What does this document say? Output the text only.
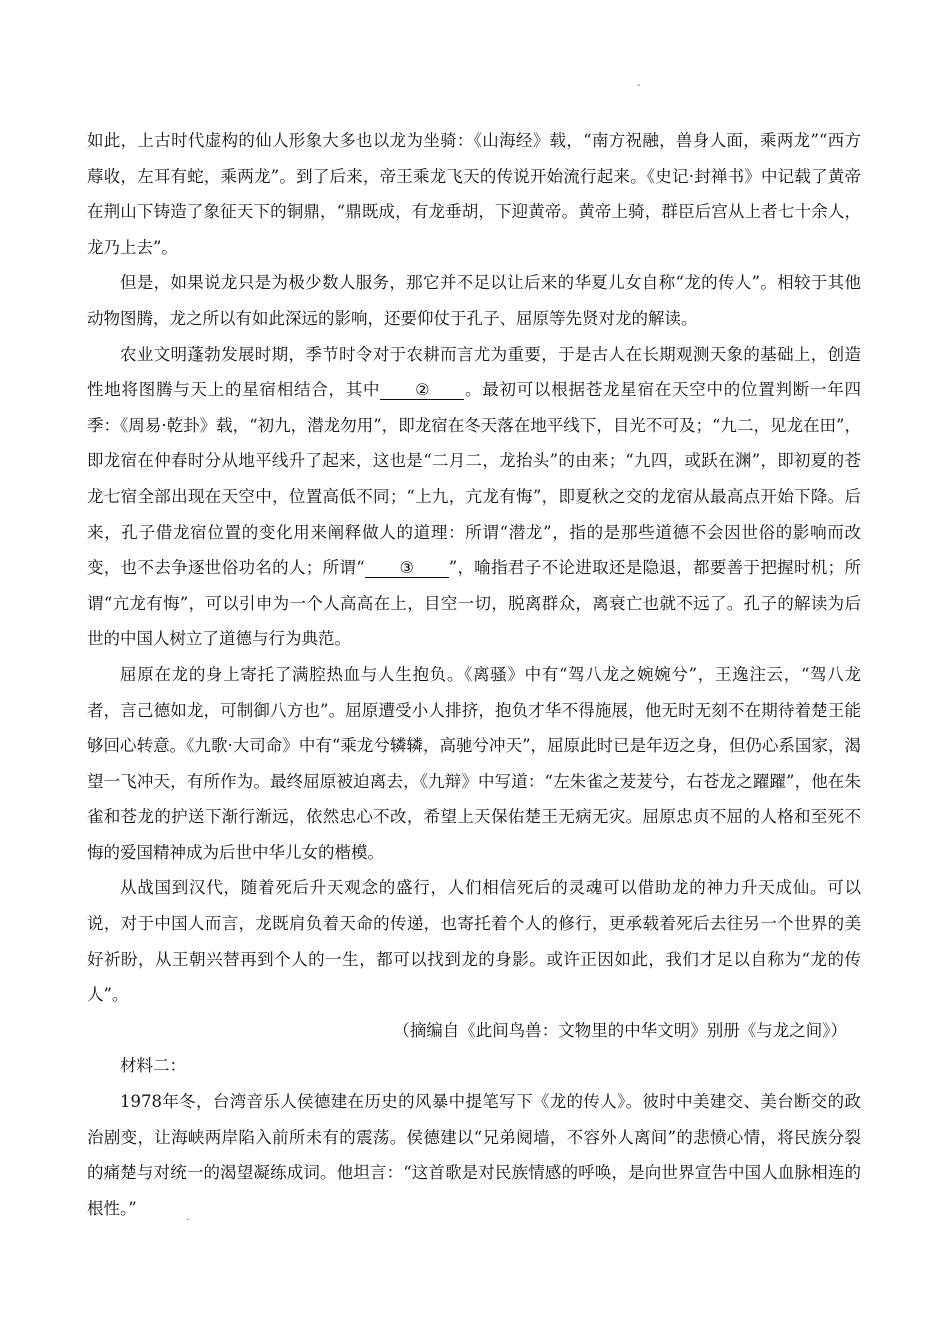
-

如此，上古时代虚构的仙人形象大多也以龙为坐骑：《山海经》载，“南方祝融，兽身人面，乘两龙”“西方蓐收，左耳有蛇，乘两龙”。到了后来，帝王乘龙飞天的传说开始流行起来。《史记·封禅书》中记载了黄帝在荆山下铸造了象征天下的铜鼎，“鼎既成，有龙垂胡，下迎黄帝。黄帝上骑，群臣后宫从上者七十余人，龙乃上去”。

但是，如果说龙只是为极少数人服务，那它并不足以让后来的华夏儿女自称“龙的传人”。相较于其他动物图腾，龙之所以有如此深远的影响，还要仰仗于孔子、屈原等先贤对龙的解读。

农业文明蓬勃发展时期，季节时令对于农耕而言尤为重要，于是古人在长期观测天象的基础上，创造性地将图腾与天上的星宿相结合，其中 ② 。最初可以根据苍龙星宿在天空中的位置判断一年四季：《周易·乾卦》载，“初九，潜龙勿用”，即龙宿在冬天落在地平线下，目光不可及；“九二，见龙在田”，即龙宿在仲春时分从地平线升了起来，这也是“二月二，龙抬头”的由来；“九四，或跃在渊”，即初夏的苍龙七宿全部出现在天空中，位置高低不同；“上九，亢龙有悔”，即夏秋之交的龙宿从最高点开始下降。后来，孔子借龙宿位置的变化用来阐释做人的道理：所谓“潜龙”，指的是那些道德不会因世俗的影响而改变，也不去争逐世俗功名的人；所谓“ ③ ”，喻指君子不论进取还是隐退，都要善于把握时机；所谓“亢龙有悔”，可以引申为一个人高高在上，目空一切，脱离群众，离衰亡也就不远了。孔子的解读为后世的中国人树立了道德与行为典范。

屈原在龙的身上寄托了满腔热血与人生抱负。《离骚》中有“驾八龙之婉婉兮”，王逸注云，“驾八龙者，言己德如龙，可制御八方也”。屈原遭受小人排挤，抱负才华不得施展，他无时无刻不在期待着楚王能够回心转意。《九歌·大司命》中有“乘龙兮辚辚，高驰兮冲天”，屈原此时已是年迈之身，但仍心系国家，渴望一飞冲天，有所作为。最终屈原被迫离去，《九辩》中写道：“左朱雀之茇茇兮，右苍龙之躍躍”，他在朱雀和苍龙的护送下渐行渐远，依然忠心不改，希望上天保佑楚王无病无灾。屈原忠贞不屈的人格和至死不悔的爱国精神成为后世中华儿女的楷模。

从战国到汉代，随着死后升天观念的盛行，人们相信死后的灵魂可以借助龙的神力升天成仙。可以说，对于中国人而言，龙既肩负着天命的传递，也寄托着个人的修行，更承载着死后去往另一个世界的美好祈盼，从王朝兴替再到个人的一生，都可以找到龙的身影。或许正因如此，我们才足以自称为“龙的传人”。

（摘编自《此间鸟兽：文物里的中华文明》别册《与龙之间》）

材料二：

1978年冬，台湾音乐人侯德建在历史的风暴中提笔写下《龙的传人》。彼时中美建交、美台断交的政治剧变，让海峡两岸陷入前所未有的震荡。侯德建以“兄弟阋墙，不容外人离间”的悲愤心情，将民族分裂的痛楚与对统一的渴望凝练成词。他坦言：“这首歌是对民族情感的呼唤，是向世界宣告中国人血脉相连的根性。”	.
